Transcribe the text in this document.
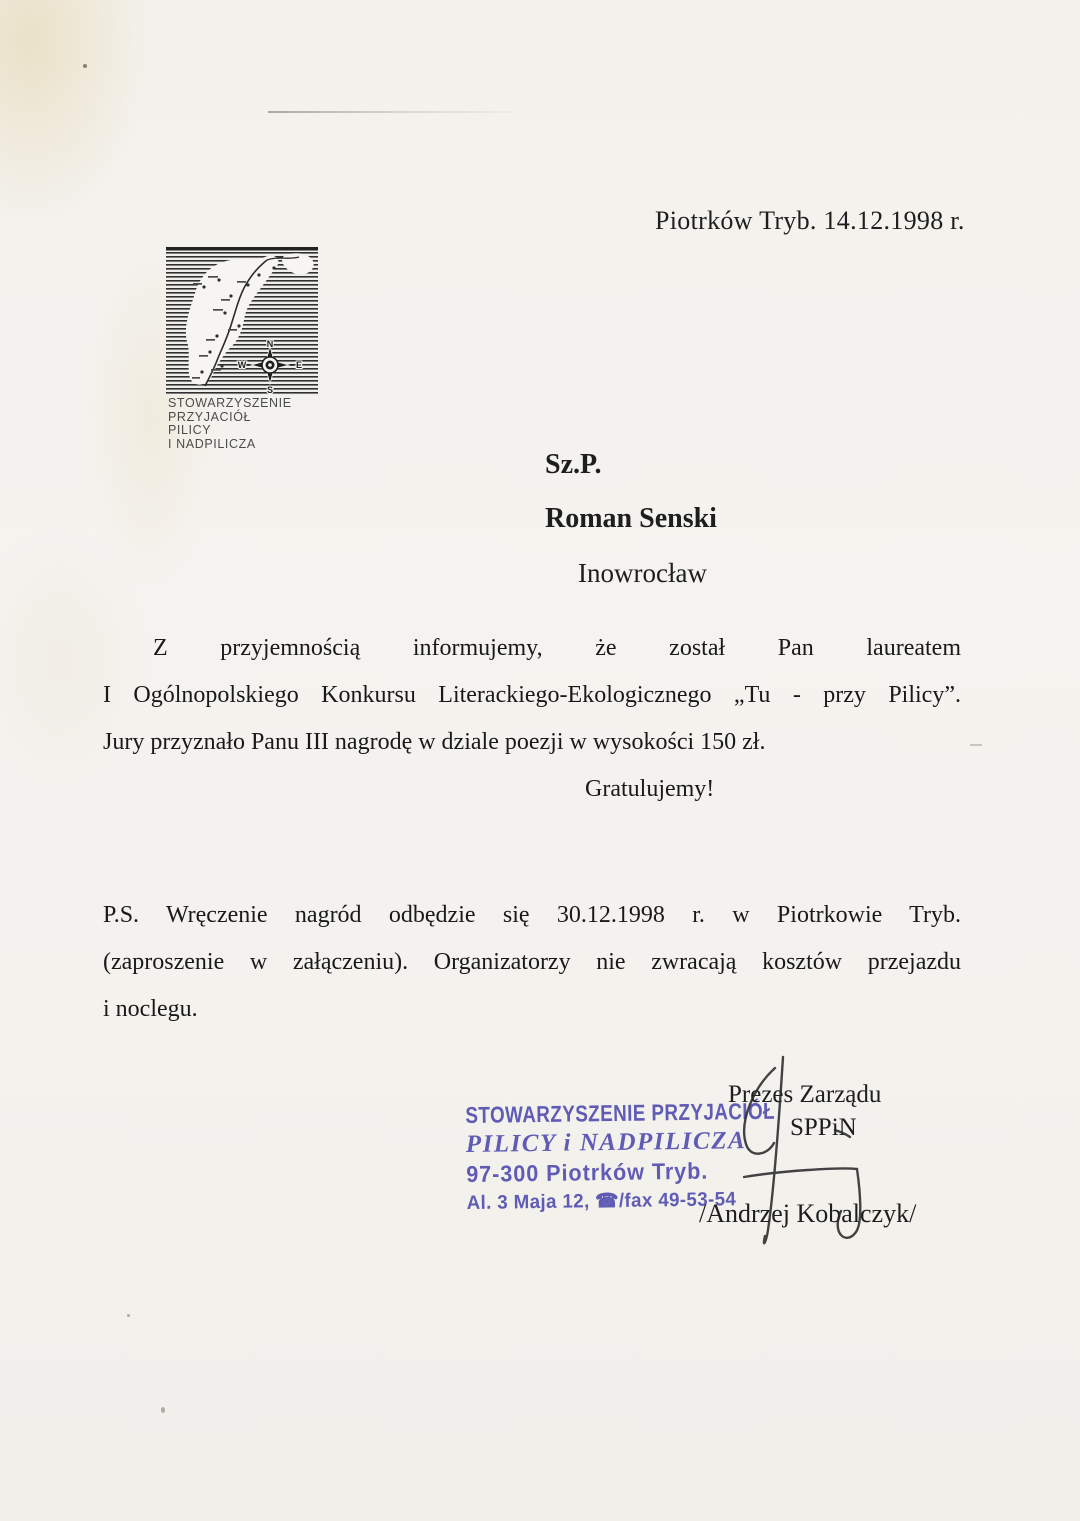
Piotrków Tryb. 14.12.1998 r.
N
W	E
S
STOWARZYSZENIE
PRZYJACIÓŁ
PILICY
I NADPILICZA
Sz.P.
Roman Senski
Inowrocław
Z przyjemnością informujemy, że został Pan laureatem
I Ogólnopolskiego Konkursu Literackiego-Ekologicznego „Tu - przy Pilicy”.
Jury przyznało Panu III nagrodę w dziale poezji w wysokości 150 zł.
Gratulujemy!
P.S. Wręczenie nagród odbędzie się 30.12.1998 r. w Piotrkowie Tryb.
(zaproszenie w załączeniu). Organizatorzy nie zwracają kosztów przejazdu
i noclegu.
STOWARZYSZENIE PRZYJACIÓŁ
PILICY i NADPILICZA
97-300 Piotrków Tryb.
Al. 3 Maja 12, ☎/fax 49-53-54
Prezes Zarządu
SPPiN
/Andrzej Kobalczyk/
